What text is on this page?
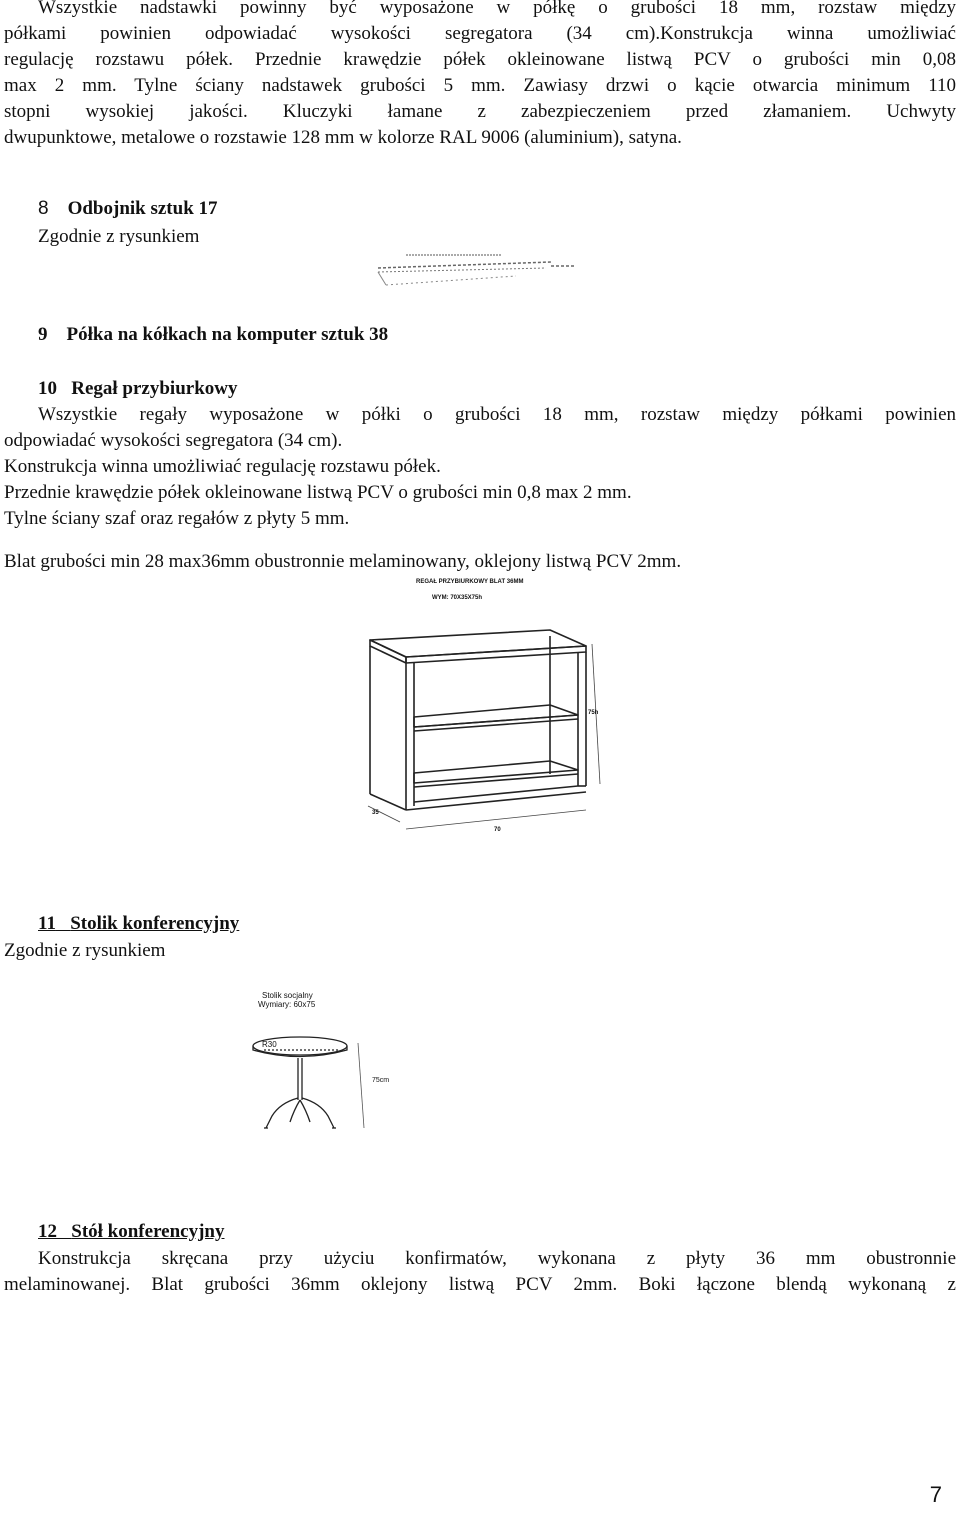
Wszystkie nadstawki powinny być wyposażone w półkę o grubości 18 mm, rozstaw między
półkami powinien odpowiadać wysokości segregatora (34 cm).Konstrukcja winna umożliwiać
regulację rozstawu półek. Przednie krawędzie półek okleinowane listwą PCV o grubości min 0,08
max 2 mm. Tylne ściany nadstawek grubości 5 mm. Zawiasy drzwi o kącie otwarcia minimum 110
stopni wysokiej jakości. Kluczyki łamane z zabezpieczeniem przed złamaniem. Uchwyty
dwupunktowe, metalowe o rozstawie 128 mm w kolorze RAL 9006 (aluminium), satyna.
8 Odbojnik sztuk 17
Zgodnie z rysunkiem
9 Półka na kółkach na komputer sztuk 38
10 Regał przybiurkowy
Wszystkie regały wyposażone w półki o grubości 18 mm, rozstaw między półkami powinien
odpowiadać wysokości segregatora (34 cm).
Konstrukcja winna umożliwiać regulację rozstawu półek.
Przednie krawędzie półek okleinowane listwą PCV o grubości min 0,8 max 2 mm.
Tylne ściany szaf oraz regałów z płyty 5 mm.
Blat grubości min 28 max36mm obustronnie melaminowany, oklejony listwą PCV 2mm.
REGAŁ PRZYBIURKOWY BLAT 36MM
WYM: 70X35X75h
75h
35
70
11 Stolik konferencyjny
Zgodnie z rysunkiem
Stolik socjalny
Wymiary: 60x75
R30
75cm
12 Stół konferencyjny
Konstrukcja skręcana przy użyciu konfirmatów, wykonana z płyty 36 mm obustronnie
melaminowanej. Blat grubości 36mm oklejony listwą PCV 2mm. Boki łączone blendą wykonaną z
7
